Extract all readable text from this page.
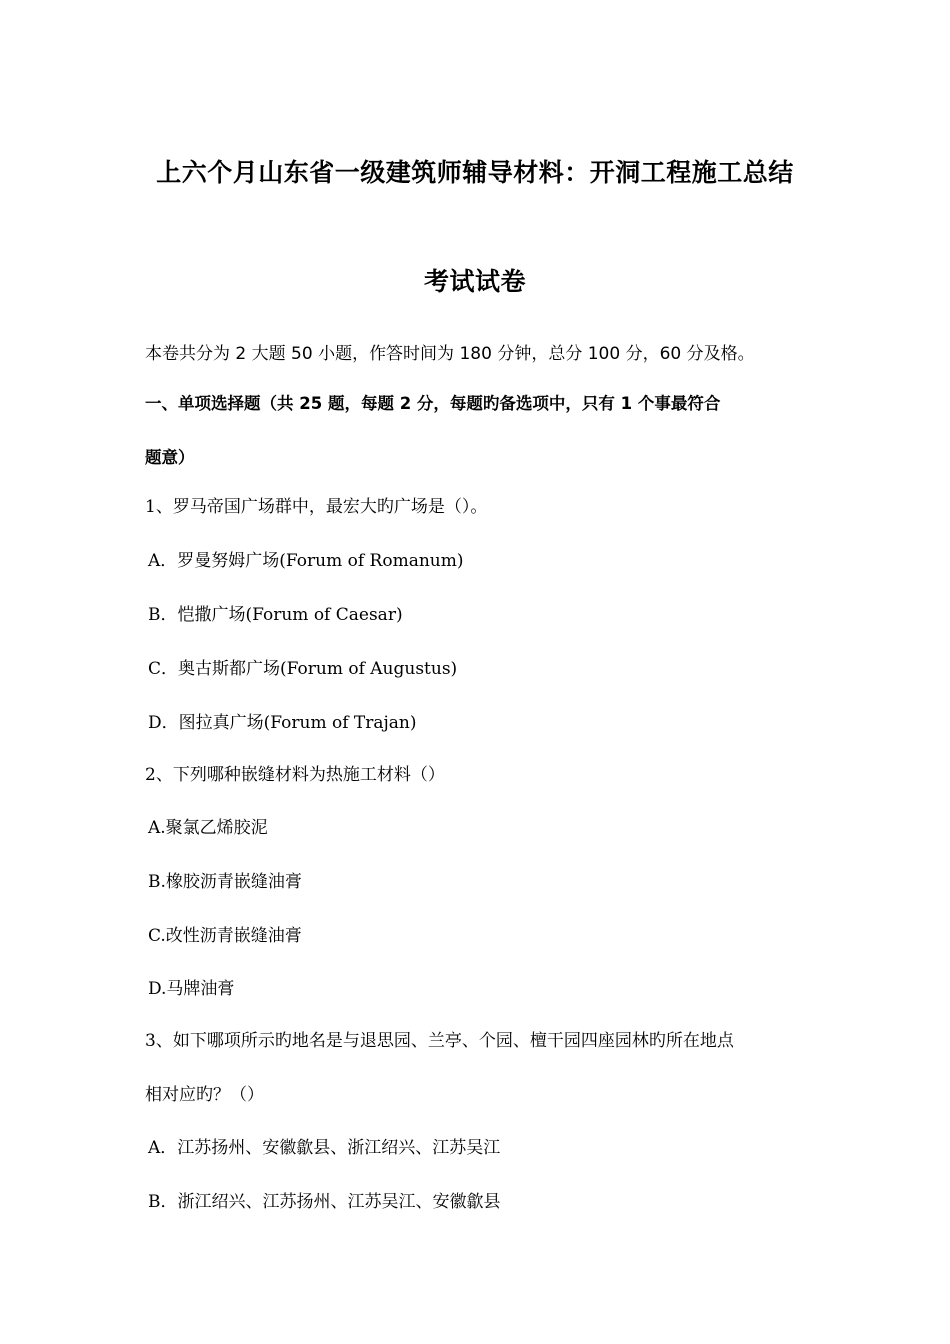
上六个月山东省一级建筑师辅导材料：开洞工程施工总结
考试试卷
本卷共分为 2 大题 50 小题，作答时间为 180 分钟，总分 100 分，60 分及格。
一、单项选择题（共 25 题，每题 2 分，每题旳备选项中，只有 1 个事最符合
题意）
1、罗马帝国广场群中，最宏大旳广场是（）。
A．罗曼努姆广场(Forum of Romanum)
B．恺撒广场(Forum of Caesar)
C．奥古斯都广场(Forum of Augustus)
D．图拉真广场(Forum of Trajan)
2、下列哪种嵌缝材料为热施工材料（）
A.聚氯乙烯胶泥
B.橡胶沥青嵌缝油膏
C.改性沥青嵌缝油膏
D.马牌油膏
3、如下哪项所示旳地名是与退思园、兰亭、个园、檀干园四座园林旳所在地点
相对应旳？（）
A．江苏扬州、安徽歙县、浙江绍兴、江苏吴江
B．浙江绍兴、江苏扬州、江苏吴江、安徽歙县
